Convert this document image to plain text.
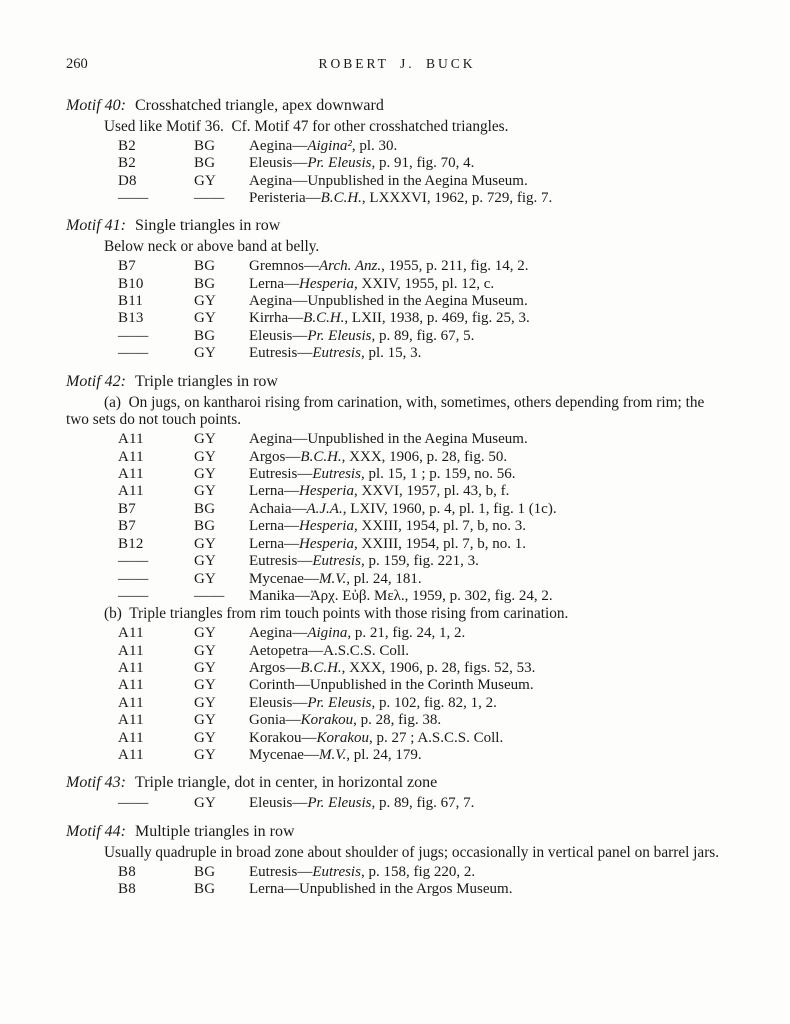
260	ROBERT J. BUCK

Motif 40: Crosshatched triangle, apex downward

Used like Motif 36.  Cf. Motif 47 for other crosshatched triangles.

B2	BG	Aegina—Aigina², pl. 30.
B2	BG	Eleusis—Pr. Eleusis, p. 91, fig. 70, 4.
D8	GY	Aegina—Unpublished in the Aegina Museum.
——	——	Peristeria—B.C.H., LXXXVI, 1962, p. 729, fig. 7.

Motif 41: Single triangles in row

Below neck or above band at belly.

B7	BG	Gremnos—Arch. Anz., 1955, p. 211, fig. 14, 2.
B10	BG	Lerna—Hesperia, XXIV, 1955, pl. 12, c.
B11	GY	Aegina—Unpublished in the Aegina Museum.
B13	GY	Kirrha—B.C.H., LXII, 1938, p. 469, fig. 25, 3.
——	BG	Eleusis—Pr. Eleusis, p. 89, fig. 67, 5.
——	GY	Eutresis—Eutresis, pl. 15, 3.

Motif 42: Triple triangles in row

(a)  On jugs, on kantharoi rising from carination, with, sometimes, others depending from rim; the two sets do not touch points.

A11	GY	Aegina—Unpublished in the Aegina Museum.
A11	GY	Argos—B.C.H., XXX, 1906, p. 28, fig. 50.
A11	GY	Eutresis—Eutresis, pl. 15, 1 ; p. 159, no. 56.
A11	GY	Lerna—Hesperia, XXVI, 1957, pl. 43, b, f.
B7	BG	Achaia—A.J.A., LXIV, 1960, p. 4, pl. 1, fig. 1 (1c).
B7	BG	Lerna—Hesperia, XXIII, 1954, pl. 7, b, no. 3.
B12	GY	Lerna—Hesperia, XXIII, 1954, pl. 7, b, no. 1.
——	GY	Eutresis—Eutresis, p. 159, fig. 221, 3.
——	GY	Mycenae—M.V., pl. 24, 181.
——	——	Manika—Ἀρχ. Εὐβ. Μελ., 1959, p. 302, fig. 24, 2.

(b)  Triple triangles from rim touch points with those rising from carination.

A11	GY	Aegina—Aigina, p. 21, fig. 24, 1, 2.
A11	GY	Aetopetra—A.S.C.S. Coll.
A11	GY	Argos—B.C.H., XXX, 1906, p. 28, figs. 52, 53.
A11	GY	Corinth—Unpublished in the Corinth Museum.
A11	GY	Eleusis—Pr. Eleusis, p. 102, fig. 82, 1, 2.
A11	GY	Gonia—Korakou, p. 28, fig. 38.
A11	GY	Korakou—Korakou, p. 27 ; A.S.C.S. Coll.
A11	GY	Mycenae—M.V., pl. 24, 179.

Motif 43: Triple triangle, dot in center, in horizontal zone

——	GY	Eleusis—Pr. Eleusis, p. 89, fig. 67, 7.

Motif 44: Multiple triangles in row

Usually quadruple in broad zone about shoulder of jugs; occasionally in vertical panel on barrel jars.

B8	BG	Eutresis—Eutresis, p. 158, fig 220, 2.
B8	BG	Lerna—Unpublished in the Argos Museum.
